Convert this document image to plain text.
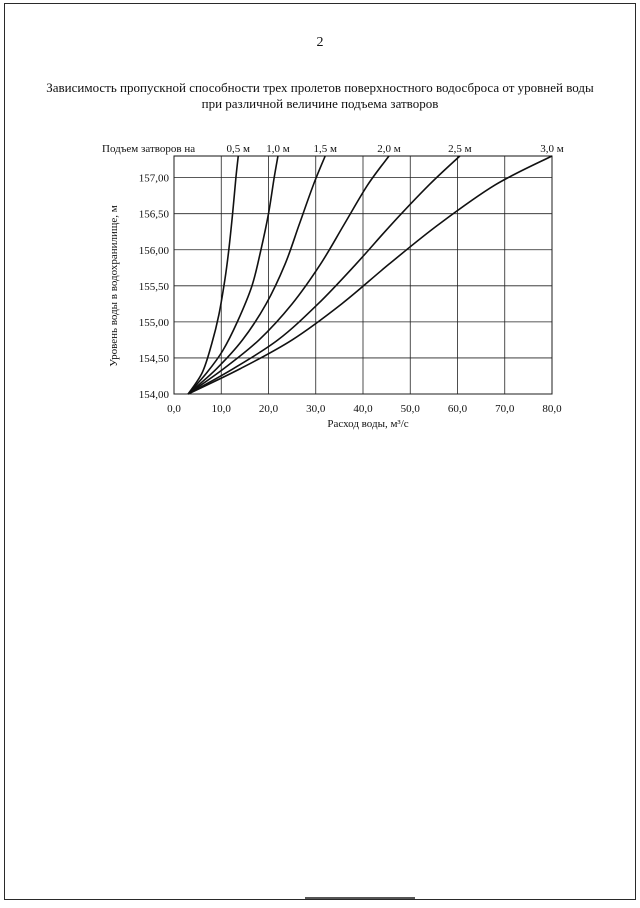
2
Зависимость пропускной способности трех пролетов поверхностного водосброса от уровней воды
при различной величине подъема затворов
0,0	10,0	20,0	30,0	40,0	50,0	60,0	70,0	80,0
154,00
154,50
155,00
155,50
156,00
156,50
157,00
Подъем затворов на	0,5 м 1,0 м 1,5 м	2,0 м	2,5 м	3,0 м
Расход воды, м³/с
Уровень воды в водохранилище, м
